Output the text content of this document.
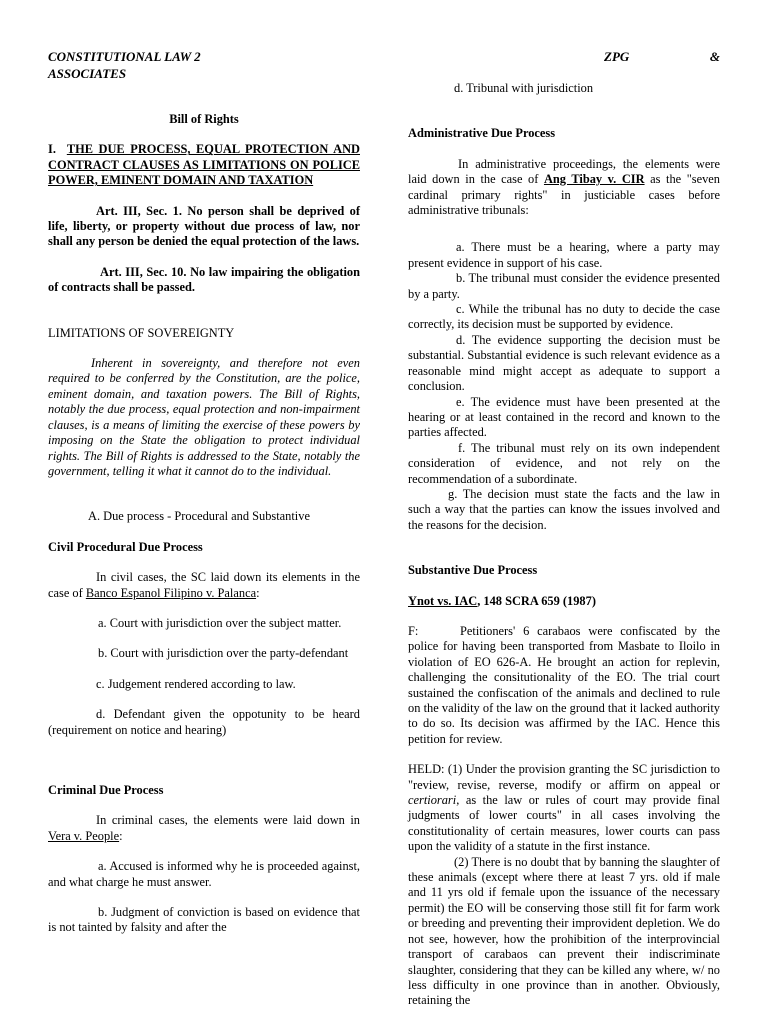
CONSTITUTIONAL LAW 2
ASSOCIATES
ZPG	&

Bill of Rights

I. THE DUE PROCESS, EQUAL PROTECTION AND CONTRACT CLAUSES AS LIMITATIONS ON POLICE POWER, EMINENT DOMAIN AND TAXATION

Art. III, Sec. 1. No person shall be deprived of life, liberty, or property without due process of law, nor shall any person be denied the equal protection of the laws.

Art. III, Sec. 10. No law impairing the obligation of contracts shall be passed.

LIMITATIONS OF SOVEREIGNTY

Inherent in sovereignty, and therefore not even required to be conferred by the Constitution, are the police, eminent domain, and taxation powers. The Bill of Rights, notably the due process, equal protection and non-impairment clauses, is a means of limiting the exercise of these powers by imposing on the State the obligation to protect individual rights. The Bill of Rights is addressed to the State, notably the government, telling it what it cannot do to the individual.

A. Due process - Procedural and Substantive

Civil Procedural Due Process

In civil cases, the SC laid down its elements in the case of Banco Espanol Filipino v. Palanca:

a. Court with jurisdiction over the subject matter.

b. Court with jurisdiction over the party-defendant

c. Judgement rendered according to law.

d. Defendant given the oppotunity to be heard (requirement on notice and hearing)

Criminal Due Process

In criminal cases, the elements were laid down in Vera v. People:

a. Accused is informed why he is proceeded against, and what charge he must answer.

b. Judgment of conviction is based on evidence that is not tainted by falsity and after the

d. Tribunal with jurisdiction

Administrative Due Process

In administrative proceedings, the elements were laid down in the case of Ang Tibay v. CIR as the "seven cardinal primary rights" in justiciable cases before administrative tribunals:

a. There must be a hearing, where a party may present evidence in support of his case.

b. The tribunal must consider the evidence presented by a party.

c. While the tribunal has no duty to decide the case correctly, its decision must be supported by evidence.

d. The evidence supporting the decision must be substantial. Substantial evidence is such relevant evidence as a reasonable mind might accept as adequate to support a conclusion.

e. The evidence must have been presented at the hearing or at least contained in the record and known to the parties affected.

f. The tribunal must rely on its own independent consideration of evidence, and not rely on the recommendation of a subordinate.

g. The decision must state the facts and the law in such a way that the parties can know the issues involved and the reasons for the decision.

Substantive Due Process

Ynot vs. IAC, 148 SCRA 659 (1987)

F:	Petitioners' 6 carabaos were confiscated by the police for having been transported from Masbate to Iloilo in violation of EO 626-A. He brought an action for replevin, challenging the consitutionality of the EO. The trial court sustained the confiscation of the animals and declined to rule on the validity of the law on the ground that it lacked authority to do so. Its decision was affirmed by the IAC. Hence this petition for review.

HELD: (1) Under the provision granting the SC jurisdiction to "review, revise, reverse, modify or affirm on appeal or certiorari, as the law or rules of court may provide final judgments of lower courts" in all cases involving the constitutionality of certain measures, lower courts can pass upon the validity of a statute in the first instance.

(2) There is no doubt that by banning the slaughter of these animals (except where there at least 7 yrs. old if male and 11 yrs old if female upon the issuance of the necessary permit) the EO will be conserving those still fit for farm work or breeding and preventing their improvident depletion. We do not see, however, how the prohibition of the interprovincial transport of carabaos can prevent their indiscriminate slaughter, considering that they can be killed any where, w/ no less difficulty in one province than in another. Obviously, retaining the
